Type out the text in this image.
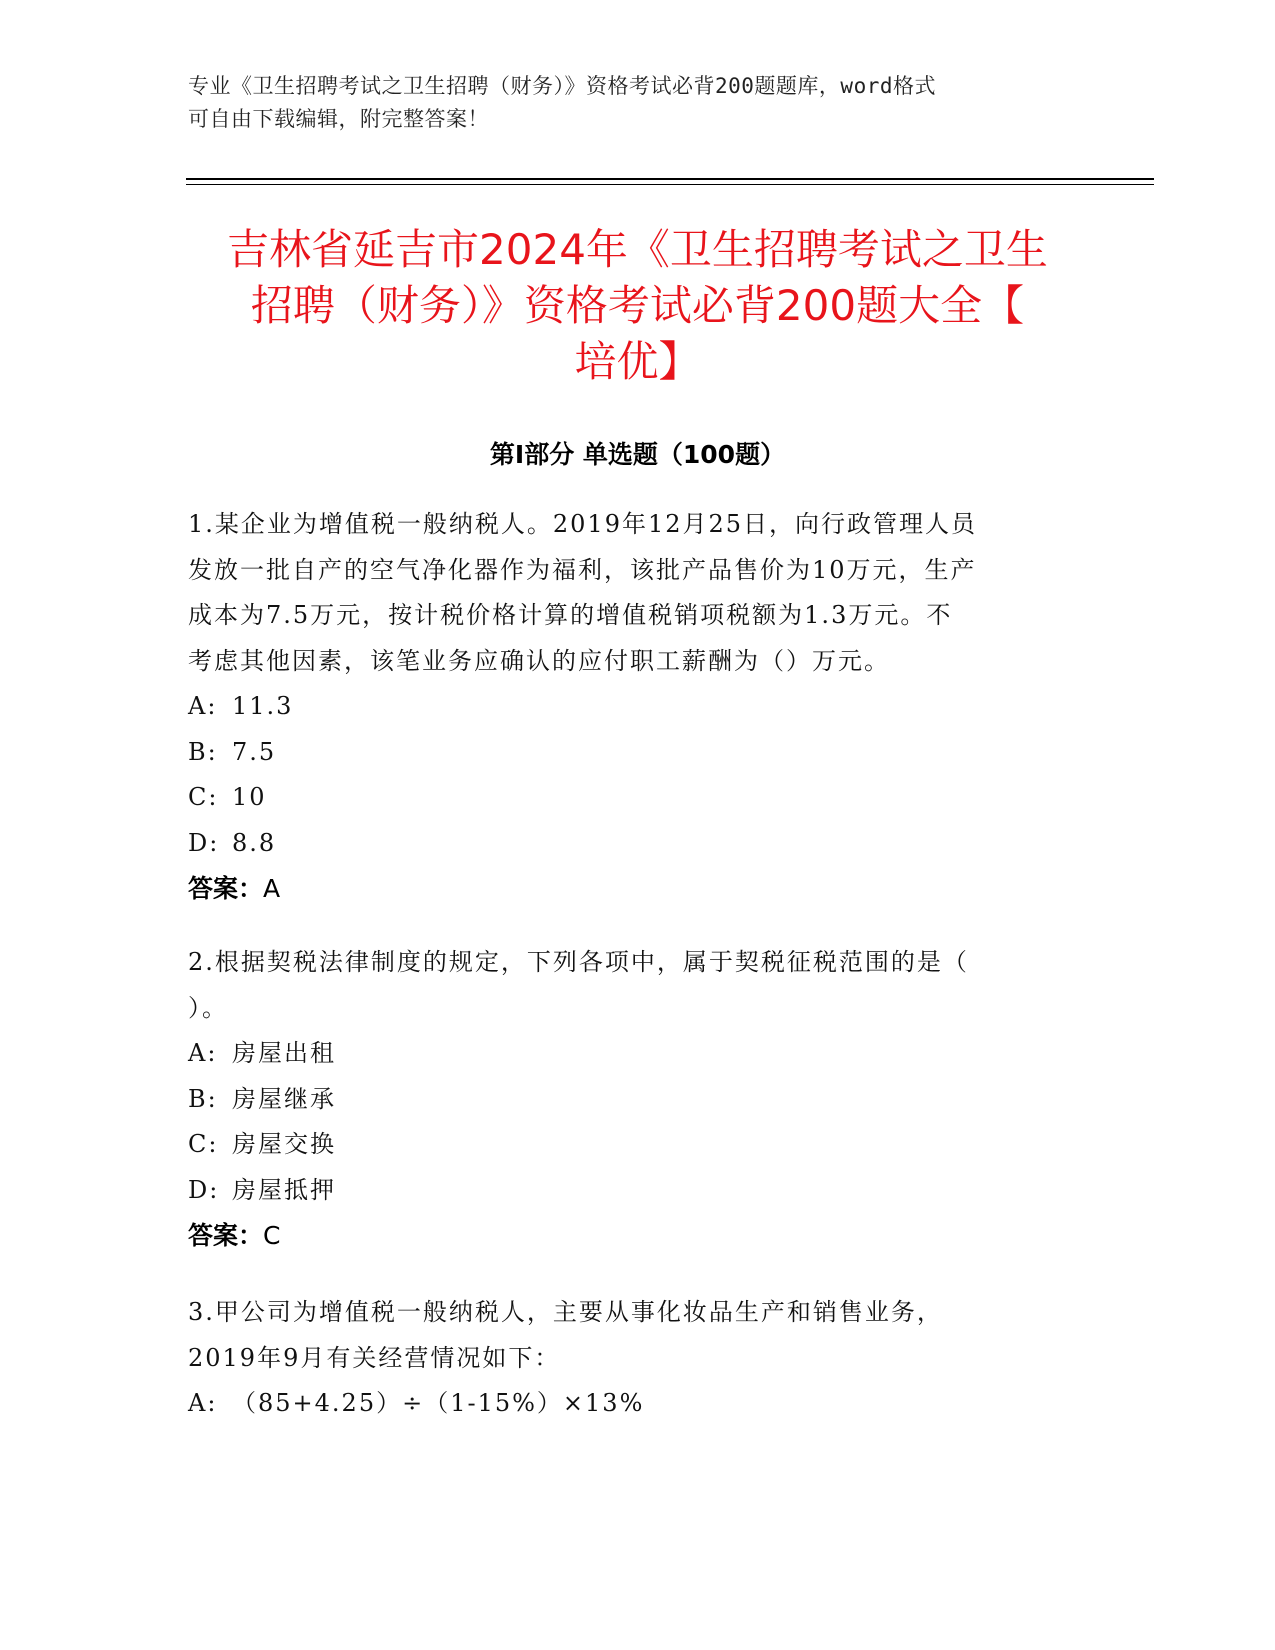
专业《卫生招聘考试之卫生招聘（财务）》资格考试必背200题题库，word格式
可自由下载编辑，附完整答案！
吉林省延吉市2024年《卫生招聘考试之卫生
招聘（财务）》资格考试必背200题大全【
培优】
第Ⅰ部分 单选题（100题）

1.某企业为增值税一般纳税人。2019年12月25日，向行政管理人员
发放一批自产的空气净化器作为福利，该批产品售价为10万元，生产
成本为7.5万元，按计税价格计算的增值税销项税额为1.3万元。不
考虑其他因素，该笔业务应确认的应付职工薪酬为（）万元。

A: 11.3
B: 7.5
C: 10
D: 8.8
答案：A

2.根据契税法律制度的规定，下列各项中，属于契税征税范围的是（
）。

A: 房屋出租
B: 房屋继承
C: 房屋交换
D: 房屋抵押
答案：C

3.甲公司为增值税一般纳税人，主要从事化妆品生产和销售业务，
2019年9月有关经营情况如下：

A: （85+4.25）÷（1-15%）×13%
